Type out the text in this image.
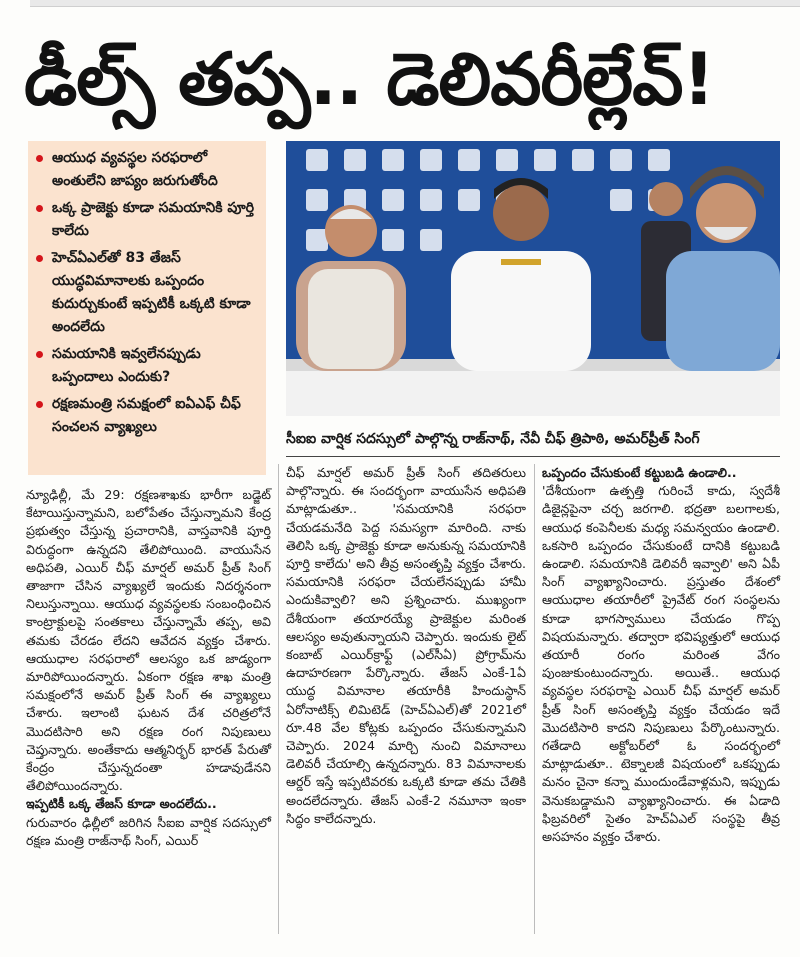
డీల్స్ తప్ప.. డెలివరీల్లేవ్!
ఆయుధ వ్యవస్థల సరఫరాలో అంతులేని జాప్యం జరుగుతోంది
ఒక్క ప్రాజెక్టు కూడా సమయానికి పూర్తి కాలేదు
హెచ్ఏఎల్‌తో 83 తేజస్ యుద్ధవిమానాలకు ఒప్పందం కుదుర్చుకుంటే ఇప్పటికీ ఒక్కటి కూడా అందలేదు
సమయానికి ఇవ్వలేనప్పుడు ఒప్పందాలు ఎందుకు?
రక్షణమంత్రి సమక్షంలో ఐఏఎఫ్ చీఫ్ సంచలన వ్యాఖ్యలు
సీఐఐ వార్షిక సదస్సులో పాల్గొన్న రాజ్‌నాథ్, నేవీ చీఫ్ త్రిపాఠి, అమర్‌ప్రీత్ సింగ్

న్యూఢిల్లీ, మే 29: రక్షణశాఖకు భారీగా బడ్జెట్ కేటాయిస్తున్నామని, బలోపేతం చేస్తున్నామని కేంద్ర ప్రభుత్వం చేస్తున్న ప్రచారానికి, వాస్తవానికి పూర్తి విరుద్ధంగా ఉన్నదని తేలిపోయింది. వాయుసేన అధిపతి, ఎయిర్ చీఫ్ మార్షల్ అమర్ ప్రీత్ సింగ్ తాజాగా చేసిన వ్యాఖ్యలే ఇందుకు నిదర్శనంగా నిలుస్తున్నాయి. ఆయుధ వ్యవస్థలకు సంబంధించిన కాంట్రాక్టులపై సంతకాలు చేస్తున్నామే తప్ప, అవి తమకు చేరడం లేదని ఆవేదన వ్యక్తం చేశారు. ఆయుధాల సరఫరాలో ఆలస్యం ఒక జాడ్యంగా మారిపోయిందన్నారు. ఏకంగా రక్షణ శాఖ మంత్రి సమక్షంలోనే అమర్ ప్రీత్ సింగ్ ఈ వ్యాఖ్యలు చేశారు. ఇలాంటి ఘటన దేశ చరిత్రలోనే మొదటిసారి అని రక్షణ రంగ నిపుణులు చెప్తున్నారు. అంతేకాదు ఆత్మనిర్భర్ భారత్ పేరుతో కేంద్రం చేస్తున్నదంతా హడావుడేనని తేలిపోయిందన్నారు.

ఇప్పటికీ ఒక్క తేజస్ కూడా అందలేదు..

గురువారం ఢిల్లీలో జరిగిన సీఐఐ వార్షిక సదస్సులో రక్షణ మంత్రి రాజ్‌నాథ్ సింగ్, ఎయిర్

చీఫ్ మార్షల్ అమర్ ప్రీత్ సింగ్ తదితరులు పాల్గొన్నారు. ఈ సందర్భంగా వాయుసేన అధిపతి మాట్లాడుతూ.. 'సమయానికి సరఫరా చేయడమనేది పెద్ద సమస్యగా మారింది. నాకు తెలిసి ఒక్క ప్రాజెక్టు కూడా అనుకున్న సమయానికి పూర్తి కాలేదు' అని తీవ్ర అసంతృప్తి వ్యక్తం చేశారు. సమయానికి సరఫరా చేయలేనప్పుడు హామీ ఎందుకివ్వాలి? అని ప్రశ్నించారు. ముఖ్యంగా దేశీయంగా తయారయ్యే ప్రాజెక్టుల మరింత ఆలస్యం అవుతున్నాయని చెప్పారు. ఇందుకు లైట్ కంబాట్ ఎయిర్‌క్రాఫ్ట్ (ఎల్‌సీఏ) ప్రోగ్రామ్‌ను ఉదాహరణగా పేర్కొన్నారు. తేజస్ ఎంకే-1ఏ యుద్ధ విమానాల తయారీకి హిందుస్థాన్ ఏరోనాటిక్స్ లిమిటెడ్ (హెచ్ఏఎల్)తో 2021లో రూ.48 వేల కోట్లకు ఒప్పందం చేసుకున్నామని చెప్పారు. 2024 మార్చి నుంచి విమానాలు డెలివరీ చేయాల్సి ఉన్నదన్నారు. 83 విమానాలకు ఆర్డర్ ఇస్తే ఇప్పటివరకు ఒక్కటి కూడా తమ చేతికి అందలేదన్నారు. తేజస్ ఎంకే-2 నమూనా ఇంకా సిద్ధం కాలేదన్నారు.

ఒప్పందం చేసుకుంటే కట్టుబడి ఉండాలి..

'దేశీయంగా ఉత్పత్తి గురించే కాదు, స్వదేశీ డిజైన్లపైనా చర్చ జరగాలి. భద్రతా బలగాలకు, ఆయుధ కంపెనీలకు మధ్య సమన్వయం ఉండాలి. ఒకసారి ఒప్పందం చేసుకుంటే దానికి కట్టుబడి ఉండాలి. సమయానికి డెలివరీ ఇవ్వాలి' అని ఏపీ సింగ్ వ్యాఖ్యానించారు. ప్రస్తుతం దేశంలో ఆయుధాల తయారీలో ప్రైవేట్ రంగ సంస్థలను కూడా భాగస్వాములు చేయడం గొప్ప విషయమన్నారు. తద్వారా భవిష్యత్తులో ఆయుధ తయారీ రంగం మరింత వేగం పుంజుకుంటుందన్నారు. అయితే.. ఆయుధ వ్యవస్థల సరఫరాపై ఎయిర్ చీఫ్ మార్షల్ అమర్ ప్రీత్ సింగ్ అసంతృప్తి వ్యక్తం చేయడం ఇదే మొదటిసారి కాదని నిపుణులు పేర్కొంటున్నారు. గతేడాది అక్టోబర్‌లో ఓ సందర్భంలో మాట్లాడుతూ.. టెక్నాలజీ విషయంలో ఒకప్పుడు మనం చైనా కన్నా ముందుండేవాళ్లమని, ఇప్పుడు వెనుకబడ్డామని వ్యాఖ్యానించారు. ఈ ఏడాది ఫిబ్రవరిలో సైతం హెచ్ఏఎల్ సంస్థపై తీవ్ర అసహనం వ్యక్తం చేశారు.
